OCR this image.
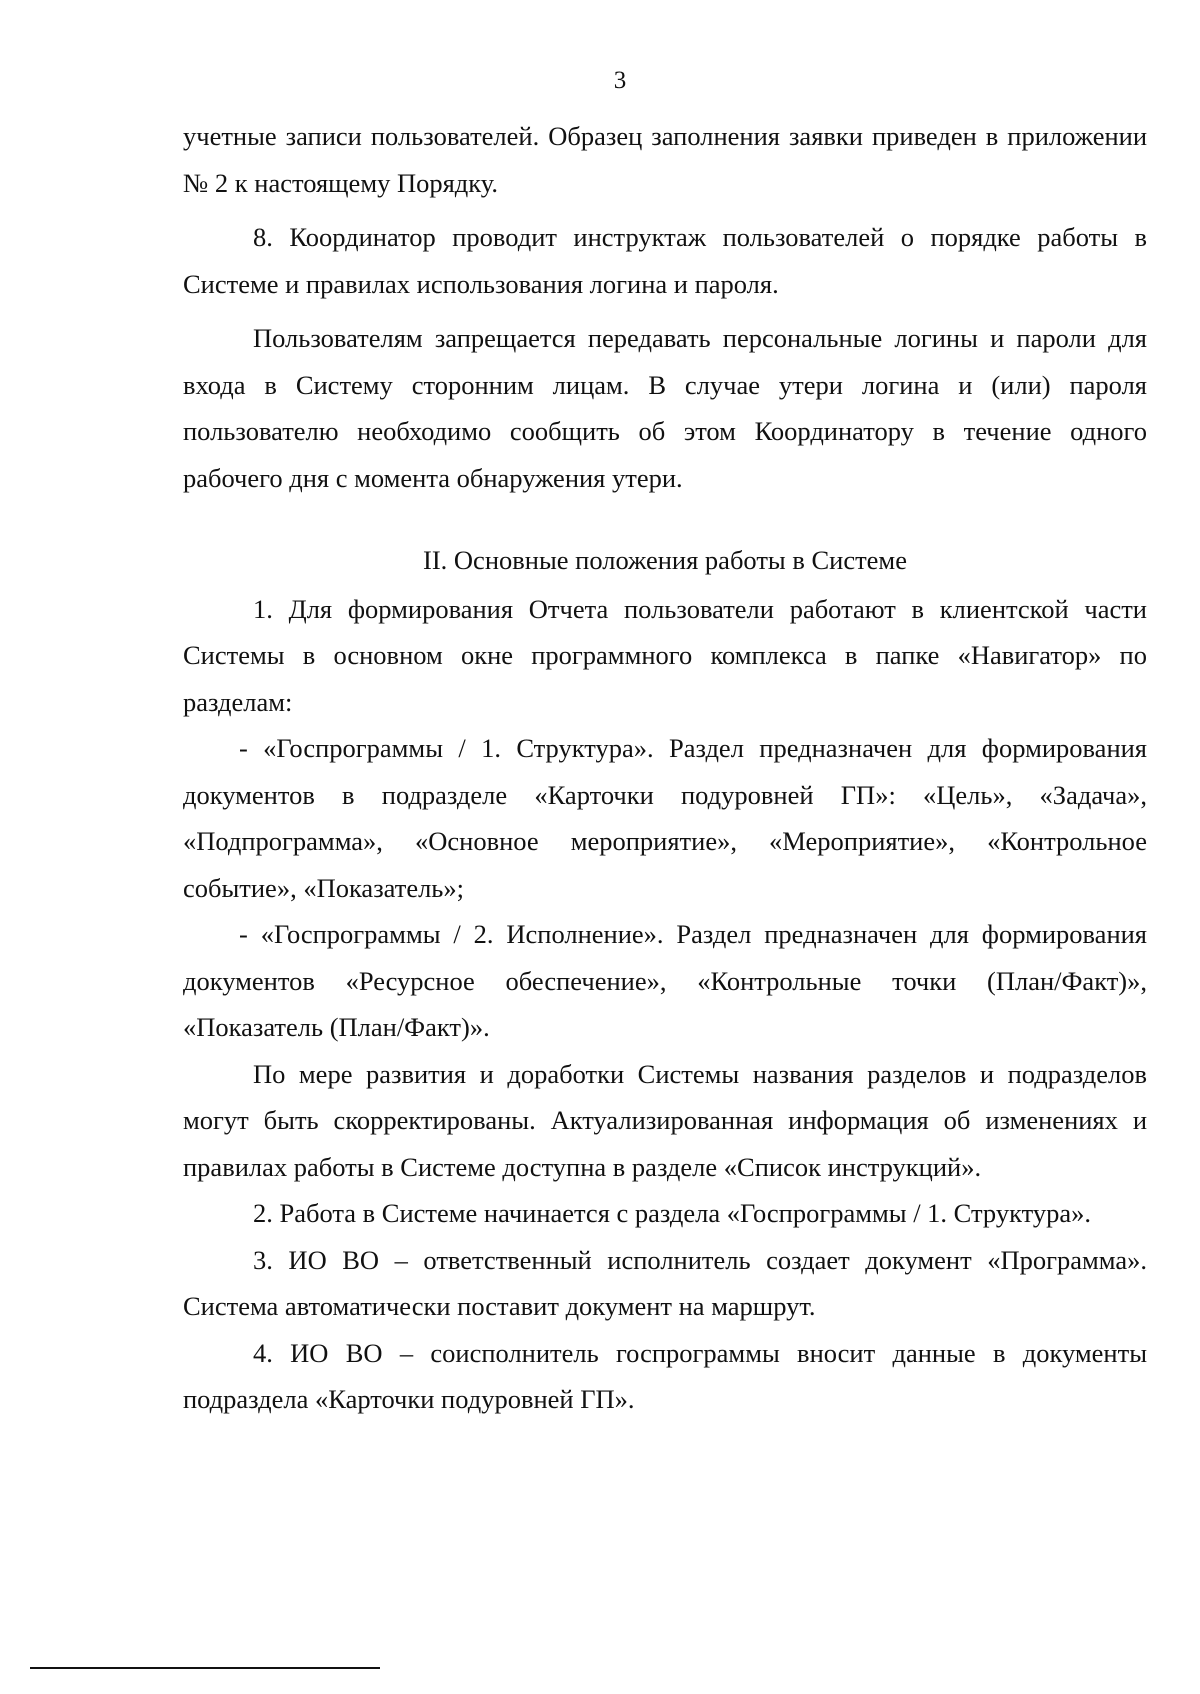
3

учетные записи пользователей. Образец заполнения заявки приведен в приложении № 2 к настоящему Порядку.

8. Координатор проводит инструктаж пользователей о порядке работы в Системе и правилах использования логина и пароля.

Пользователям запрещается передавать персональные логины и пароли для входа в Систему сторонним лицам. В случае утери логина и (или) пароля пользователю необходимо сообщить об этом Координатору в течение одного рабочего дня с момента обнаружения утери.

II. Основные положения работы в Системе

1. Для формирования Отчета пользователи работают в клиентской части Системы в основном окне программного комплекса в папке «Навигатор» по разделам:

- «Госпрограммы / 1. Структура». Раздел предназначен для формирования документов в подразделе «Карточки подуровней ГП»: «Цель», «Задача», «Подпрограмма», «Основное мероприятие», «Мероприятие», «Контрольное событие», «Показатель»;

- «Госпрограммы / 2. Исполнение». Раздел предназначен для формирования документов «Ресурсное обеспечение», «Контрольные точки (План/Факт)», «Показатель (План/Факт)».

По мере развития и доработки Системы названия разделов и подразделов могут быть скорректированы. Актуализированная информация об изменениях и правилах работы в Системе доступна в разделе «Список инструкций».

2. Работа в Системе начинается с раздела «Госпрограммы / 1. Структура».

3. ИО ВО – ответственный исполнитель создает документ «Программа». Система автоматически поставит документ на маршрут.

4. ИО ВО – соисполнитель госпрограммы вносит данные в документы подраздела «Карточки подуровней ГП».
